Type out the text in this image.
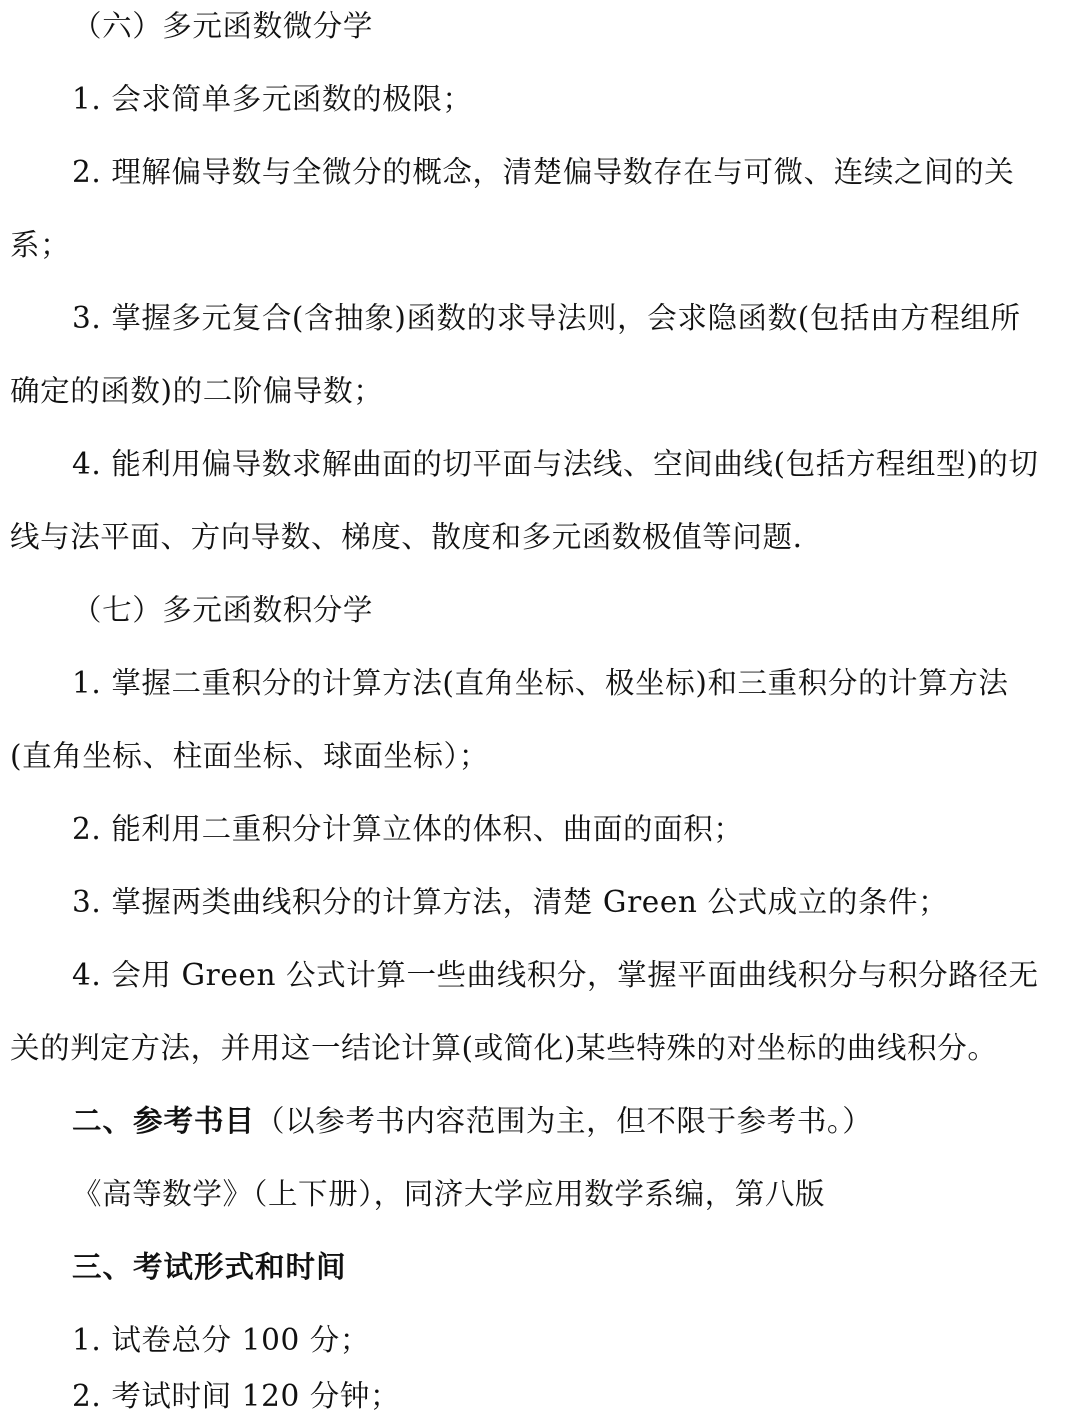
（六）多元函数微分学
1. 会求简单多元函数的极限；
2. 理解偏导数与全微分的概念，清楚偏导数存在与可微、连续之间的关
系；
3. 掌握多元复合(含抽象)函数的求导法则，会求隐函数(包括由方程组所
确定的函数)的二阶偏导数；
4. 能利用偏导数求解曲面的切平面与法线、空间曲线(包括方程组型)的切
线与法平面、方向导数、梯度、散度和多元函数极值等问题.
（七）多元函数积分学
1. 掌握二重积分的计算方法(直角坐标、极坐标)和三重积分的计算方法
(直角坐标、柱面坐标、球面坐标）；
2. 能利用二重积分计算立体的体积、曲面的面积；
3. 掌握两类曲线积分的计算方法，清楚 Green 公式成立的条件；
4. 会用 Green 公式计算一些曲线积分，掌握平面曲线积分与积分路径无
关的判定方法，并用这一结论计算(或简化)某些特殊的对坐标的曲线积分。
二、参考书目（以参考书内容范围为主，但不限于参考书。）
《高等数学》（上下册），同济大学应用数学系编，第八版
三、考试形式和时间
1. 试卷总分 100 分；
2. 考试时间 120 分钟；
